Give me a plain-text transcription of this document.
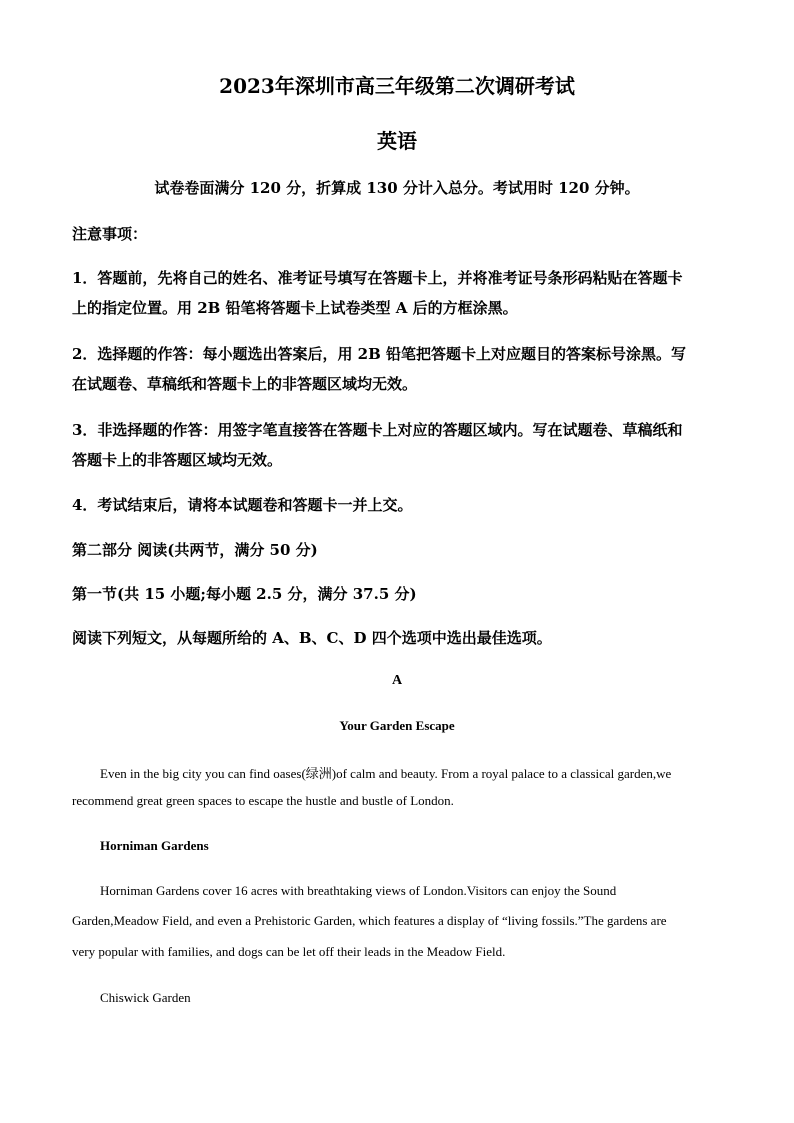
2023年深圳市高三年级第二次调研考试
英语
试卷卷面满分 120 分，折算成 130 分计入总分。考试用时 120 分钟。
注意事项：
1．答题前，先将自己的姓名、准考证号填写在答题卡上，并将准考证号条形码粘贴在答题卡
上的指定位置。用 2B 铅笔将答题卡上试卷类型 A 后的方框涂黑。
2．选择题的作答：每小题选出答案后，用 2B 铅笔把答题卡上对应题目的答案标号涂黑。写
在试题卷、草稿纸和答题卡上的非答题区域均无效。
3．非选择题的作答：用签字笔直接答在答题卡上对应的答题区域内。写在试题卷、草稿纸和
答题卡上的非答题区域均无效。
4．考试结束后，请将本试题卷和答题卡一并上交。
第二部分 阅读(共两节，满分 50 分)
第一节(共 15 小题;每小题 2.5 分，满分 37.5 分)
阅读下列短文，从每题所给的 A、B、C、D 四个选项中选出最佳选项。
A
Your Garden Escape
Even in the big city you can find oases(绿洲)of calm and beauty. From a royal palace to a classical garden,we
recommend great green spaces to escape the hustle and bustle of London.
Horniman Gardens
Horniman Gardens cover 16 acres with breathtaking views of London.Visitors can enjoy the Sound
Garden,Meadow Field, and even a Prehistoric Garden, which features a display of “living fossils.”The gardens are
very popular with families, and dogs can be let off their leads in the Meadow Field.
Chiswick Garden
